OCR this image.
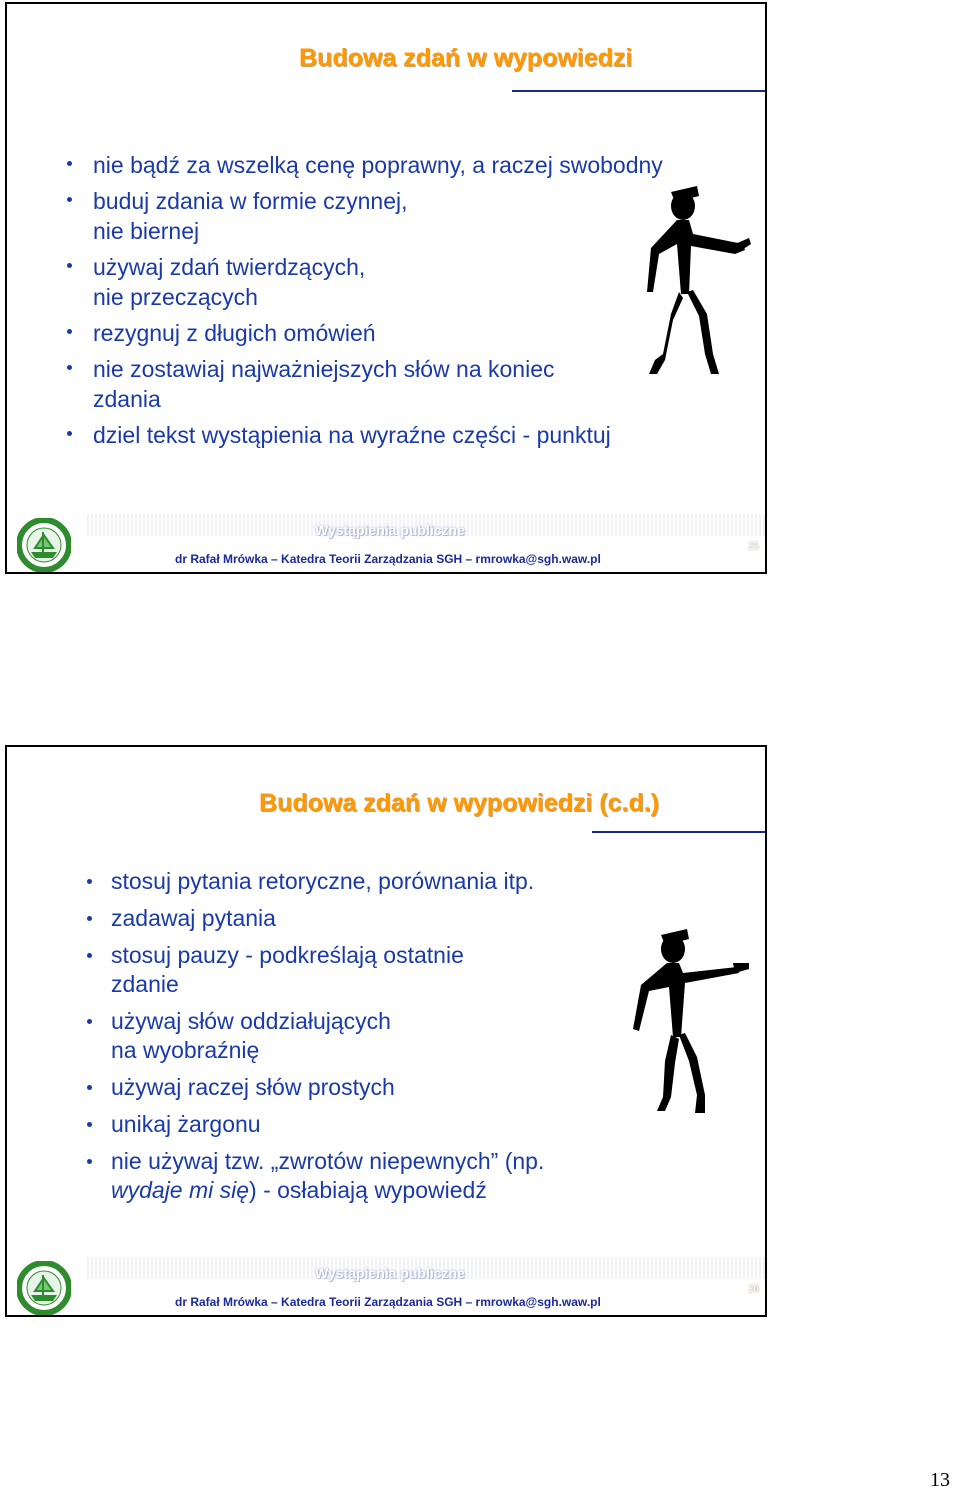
Budowa zdań w wypowiedzi
nie bądź za wszelką cenę poprawny, a raczej swobodny
buduj zdania w formie czynnej,
nie biernej
używaj zdań twierdzących,
nie przeczących
rezygnuj z długich omówień
nie zostawiaj najważniejszych słów na koniec
zdania
dziel tekst wystąpienia na wyraźne części - punktuj
Wystąpienia publiczne
dr Rafał Mrówka – Katedra Teorii Zarządzania SGH – rmrowka@sgh.waw.pl
25
Budowa zdań w wypowiedzi (c.d.)
stosuj pytania retoryczne, porównania itp.
zadawaj pytania
stosuj pauzy - podkreślają ostatnie
zdanie
używaj słów oddziałujących
na wyobraźnię
używaj raczej słów prostych
unikaj żargonu
nie używaj tzw. „zwrotów niepewnych” (np.
wydaje mi się) - osłabiają wypowiedź
Wystąpienia publiczne
dr Rafał Mrówka – Katedra Teorii Zarządzania SGH – rmrowka@sgh.waw.pl
26
13
